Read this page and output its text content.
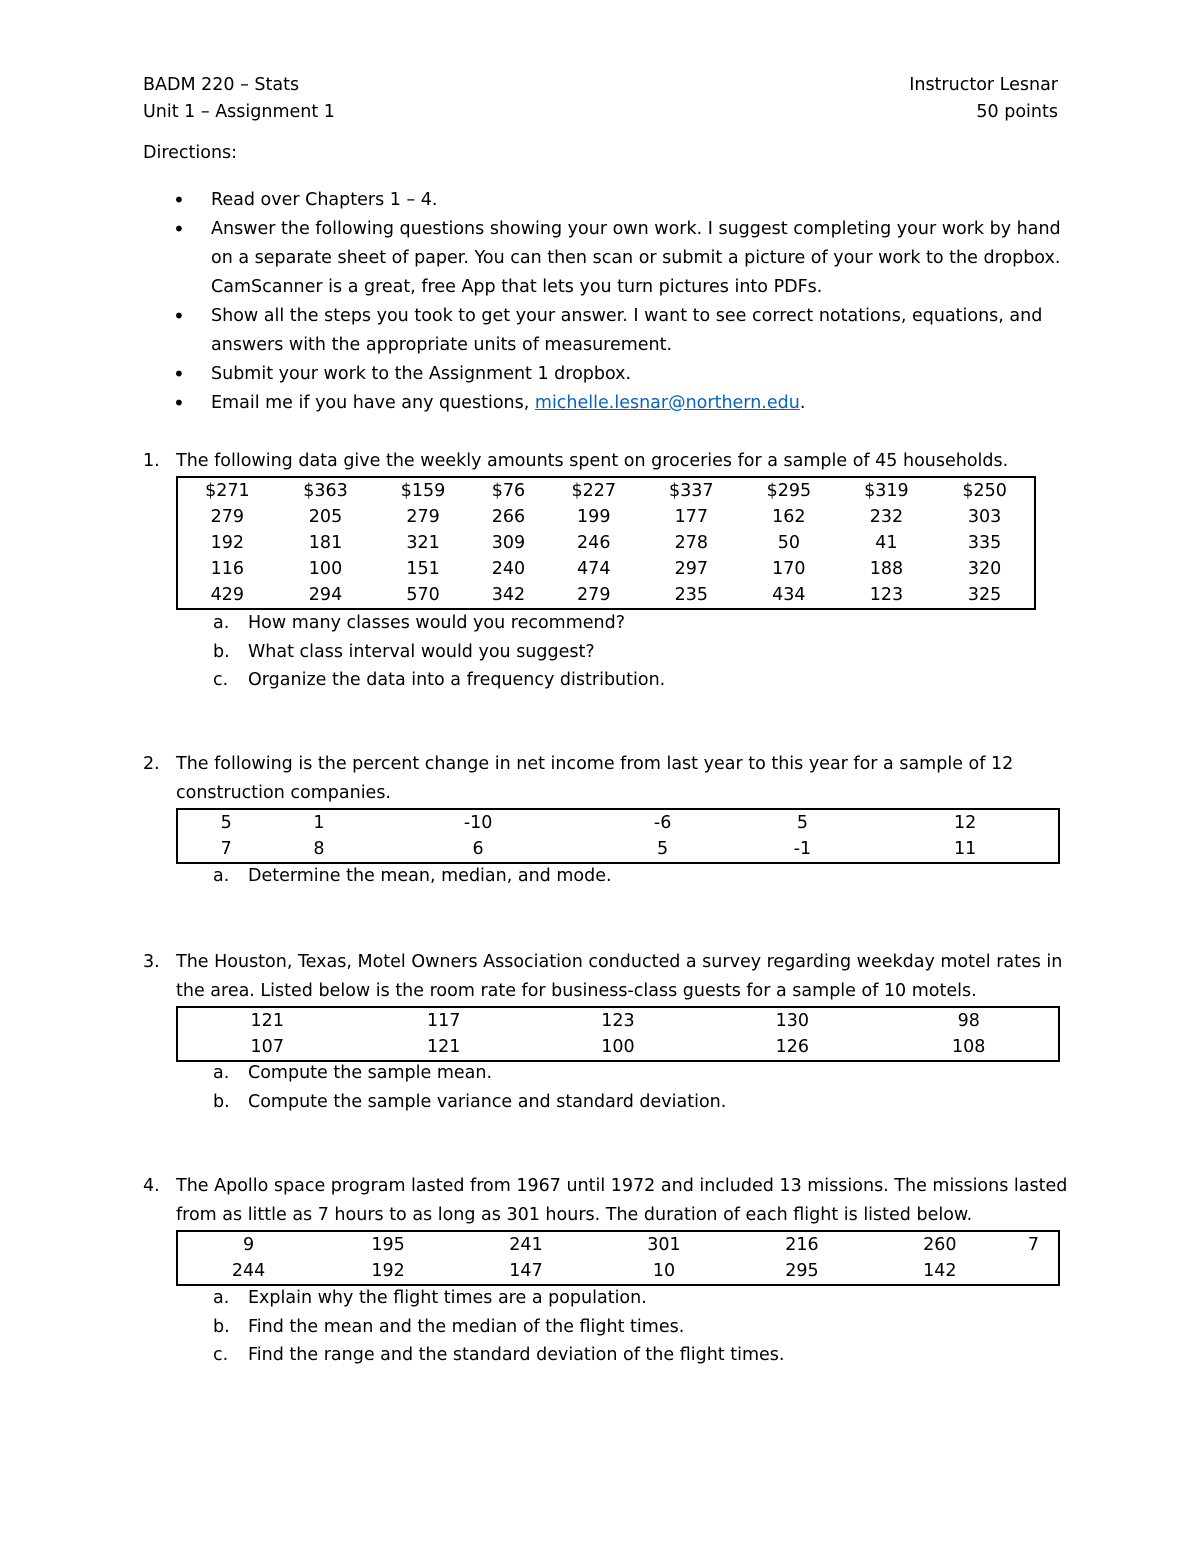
BADM 220 – Stats
Unit 1 – Assignment 1
Instructor Lesnar
50 points
Directions:
• Read over Chapters 1 – 4.
• Answer the following questions showing your own work. I suggest completing your work by hand on a separate sheet of paper. You can then scan or submit a picture of your work to the dropbox. CamScanner is a great, free App that lets you turn pictures into PDFs.
• Show all the steps you took to get your answer. I want to see correct notations, equations, and answers with the appropriate units of measurement.
• Submit your work to the Assignment 1 dropbox.
• Email me if you have any questions, michelle.lesnar@northern.edu.
1. The following data give the weekly amounts spent on groceries for a sample of 45 households.
$271	$363	$159	$76	$227	$337	$295	$319	$250
279	205	279	266	199	177	162	232	303
192	181	321	309	246	278	50	41	335
116	100	151	240	474	297	170	188	320
429	294	570	342	279	235	434	123	325
a. How many classes would you recommend?
b. What class interval would you suggest?
c. Organize the data into a frequency distribution.
2. The following is the percent change in net income from last year to this year for a sample of 12 construction companies.
5	1	-10	-6	5	12
7	8	6	5	-1	11
a. Determine the mean, median, and mode.
3. The Houston, Texas, Motel Owners Association conducted a survey regarding weekday motel rates in the area. Listed below is the room rate for business-class guests for a sample of 10 motels.
121	117	123	130	98
107	121	100	126	108
a. Compute the sample mean.
b. Compute the sample variance and standard deviation.
4. The Apollo space program lasted from 1967 until 1972 and included 13 missions. The missions lasted from as little as 7 hours to as long as 301 hours. The duration of each flight is listed below.
9	195	241	301	216	260	7
244	192	147	10	295	142	
a. Explain why the flight times are a population.
b. Find the mean and the median of the flight times.
c. Find the range and the standard deviation of the flight times.
